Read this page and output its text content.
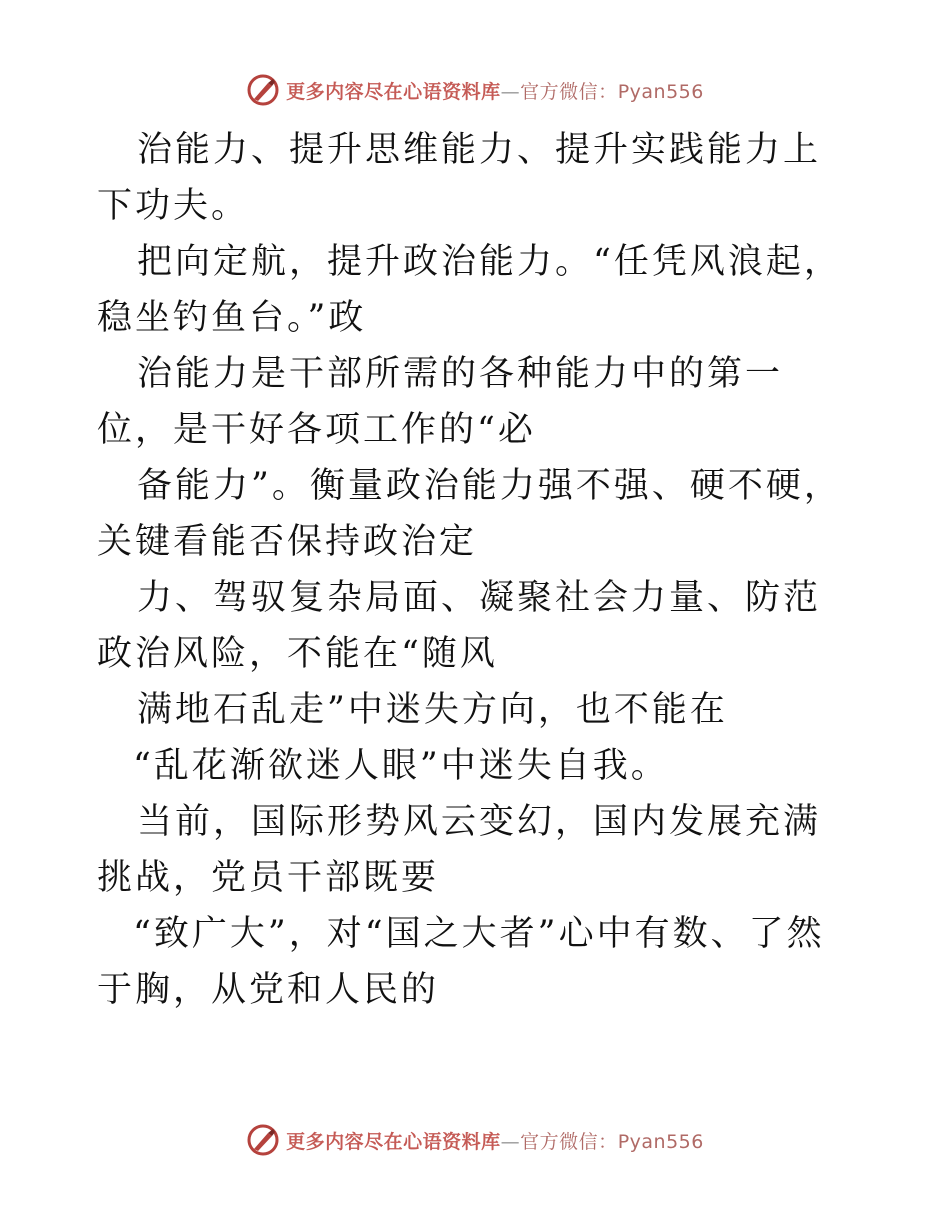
更多内容尽在心语资料库—官方微信：Pyan556

治能力、提升思维能力、提升实践能力上下功夫。

把向定航，提升政治能力。“任凭风浪起，稳坐钓鱼台。”政

治能力是干部所需的各种能力中的第一位，是干好各项工作的“必

备能力”。衡量政治能力强不强、硬不硬，关键看能否保持政治定

力、驾驭复杂局面、凝聚社会力量、防范政治风险，不能在“随风

满地石乱走”中迷失方向，也不能在

“乱花渐欲迷人眼”中迷失自我。

当前，国际形势风云变幻，国内发展充满挑战，党员干部既要

“致广大”，对“国之大者”心中有数、了然于胸，从党和人民的

更多内容尽在心语资料库—官方微信：Pyan556
